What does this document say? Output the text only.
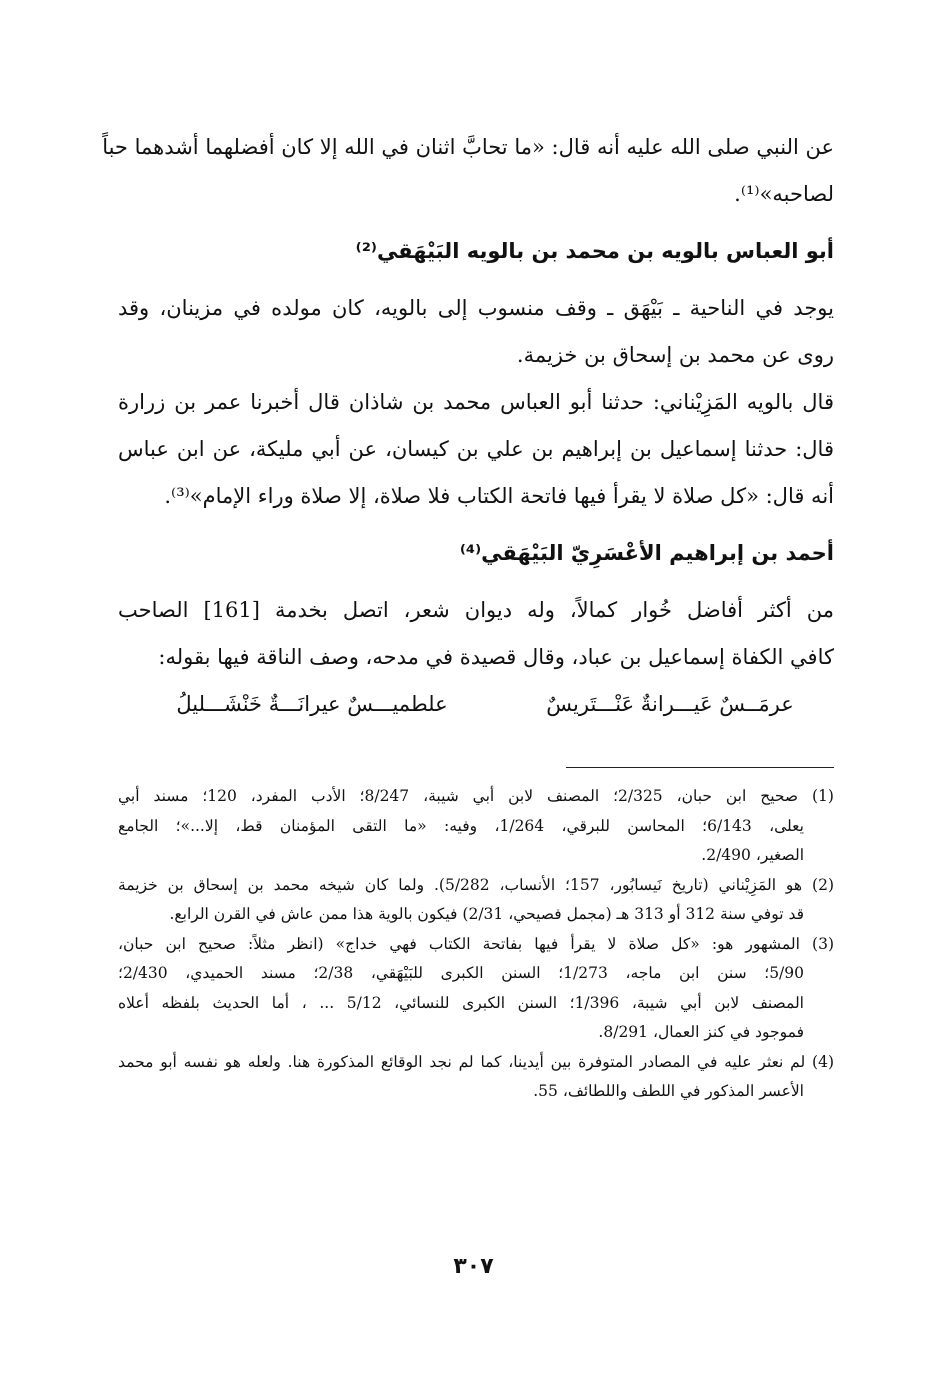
عن النبي صلى الله عليه أنه قال: «ما تحابَّ اثنان في الله إلا كان أفضلهما أشدهما حباً
لصاحبه»⁽¹⁾.
أبو العباس بالويه بن محمد بن بالويه البَيْهَقي⁽²⁾
يوجد في الناحية ـ بَيْهَق ـ وقف منسوب إلى بالويه، كان مولده في مزينان، وقد
روى عن محمد بن إسحاق بن خزيمة.
قال بالويه المَزِيْناني: حدثنا أبو العباس محمد بن شاذان قال أخبرنا عمر بن زرارة
قال: حدثنا إسماعيل بن إبراهيم بن علي بن كيسان، عن أبي مليكة، عن ابن عباس
أنه قال: «كل صلاة لا يقرأ فيها فاتحة الكتاب فلا صلاة، إلا صلاة وراء الإمام»⁽³⁾.
أحمد بن إبراهيم الأعْسَرِيّ البَيْهَقي⁽⁴⁾
من أكثر أفاضل خُوار كمالاً، وله ديوان شعر، اتصل بخدمة [161] الصاحب
كافي الكفاة إسماعيل بن عباد، وقال قصيدة في مدحه، وصف الناقة فيها بقوله:
عرمَــسٌ عَيـــرانةٌ عَنْـــتَريسٌ
علطميـــسٌ عيرانَـــةٌ خَنْشَـــليلُ
(1) صحيح ابن حبان، 2/325؛ المصنف لابن أبي شيبة، 8/247؛ الأدب المفرد، 120؛ مسند أبي
يعلى، 6/143؛ المحاسن للبرقي، 1/264، وفيه: «ما التقى المؤمنان قط، إلا...»؛ الجامع
الصغير، 2/490.
(2) هو المَزِيْناني (تاريخ نَيسابُور، 157؛ الأنساب، 5/282). ولما كان شيخه محمد بن إسحاق بن خزيمة
قد توفي سنة 312 أو 313 هـ (مجمل فصيحي، 2/31) فيكون بالوية هذا ممن عاش في القرن الرابع.
(3) المشهور هو: «كل صلاة لا يقرأ فيها بفاتحة الكتاب فهي خداج» (انظر مثلاً: صحيح ابن حبان،
5/90؛ سنن ابن ماجه، 1/273؛ السنن الكبرى للبَيْهَقي، 2/38؛ مسند الحميدي، 2/430؛
المصنف لابن أبي شيبة، 1/396؛ السنن الكبرى للنسائي، 5/12 ... ، أما الحديث بلفظه أعلاه
فموجود في كنز العمال، 8/291.
(4) لم نعثر عليه في المصادر المتوفرة بين أيدينا، كما لم نجد الوقائع المذكورة هنا. ولعله هو نفسه أبو محمد
الأعسر المذكور في اللطف واللطائف، 55.
٣٠٧
